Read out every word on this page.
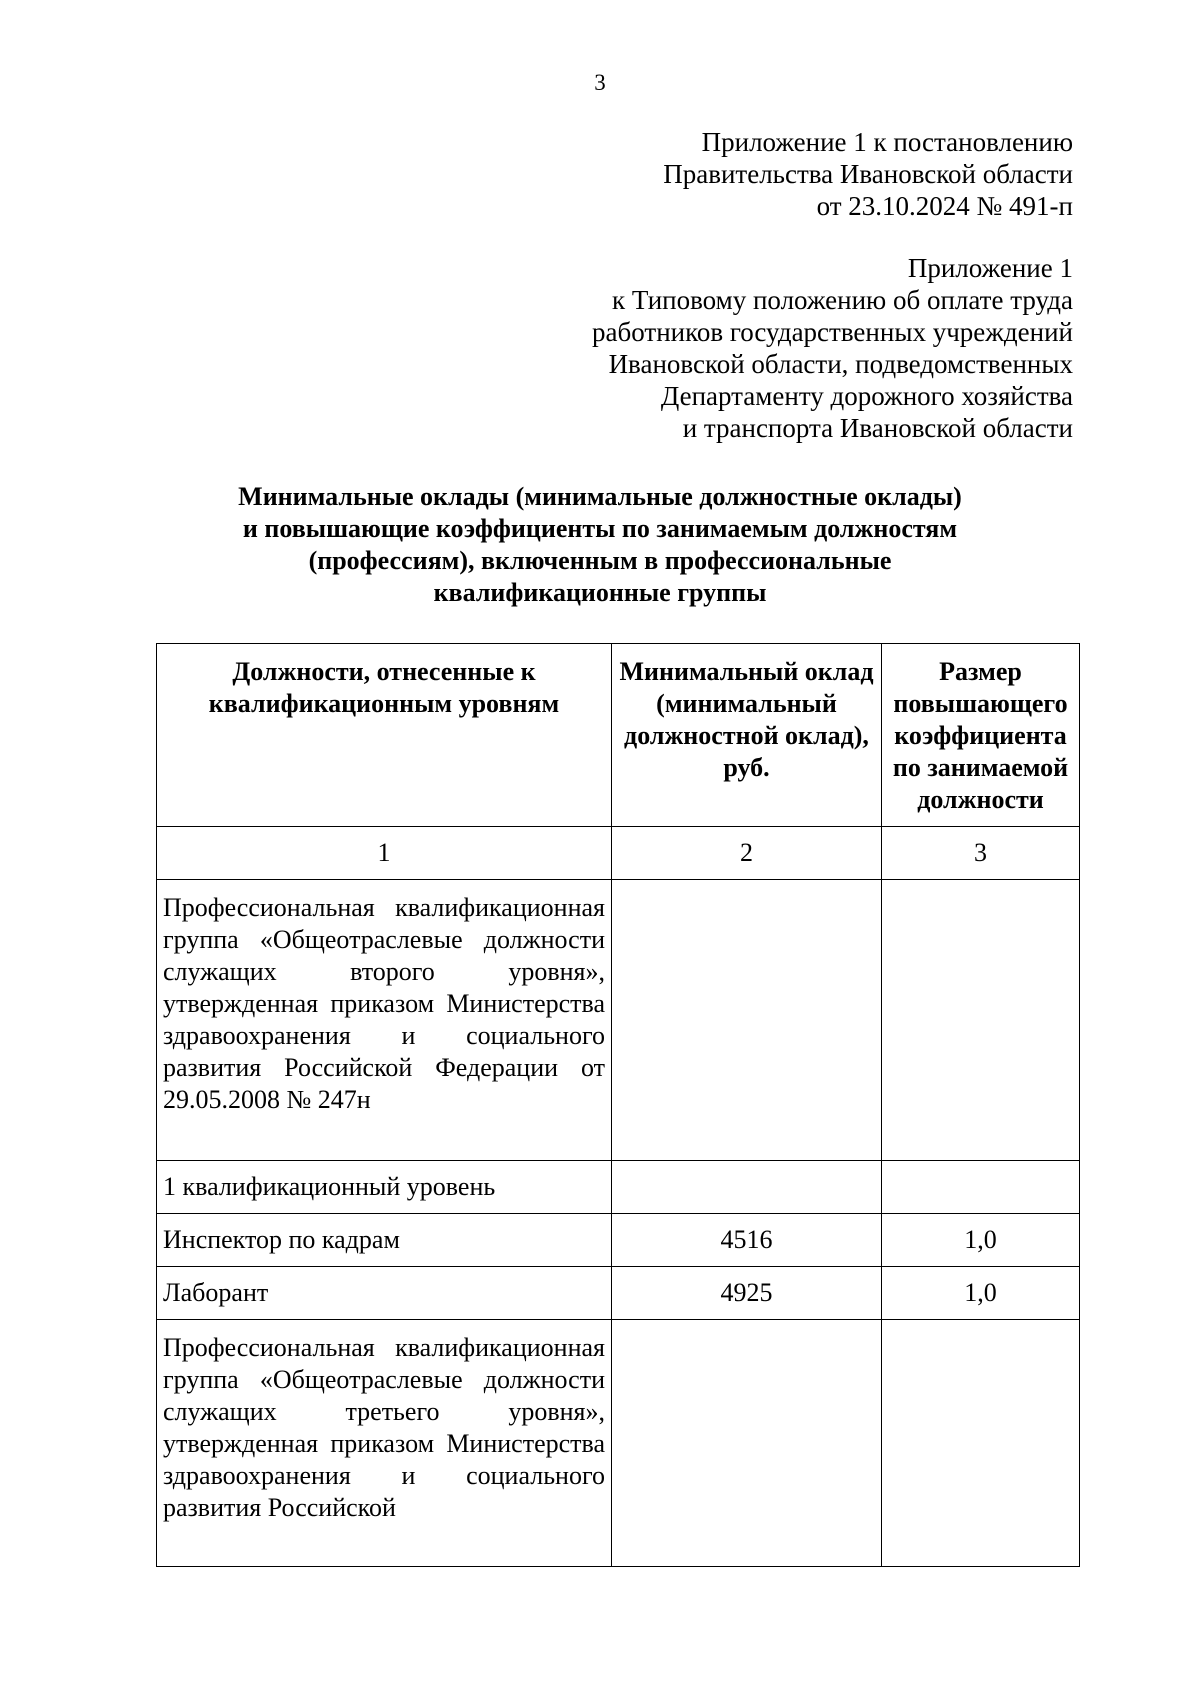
3
Приложение 1 к постановлению
Правительства Ивановской области
от 23.10.2024 № 491-п
Приложение 1
к Типовому положению об оплате труда
работников государственных учреждений
Ивановской области, подведомственных
Департаменту дорожного хозяйства
и транспорта Ивановской области
Минимальные оклады (минимальные должностные оклады)
и повышающие коэффициенты по занимаемым должностям
(профессиям), включенным в профессиональные
квалификационные группы
Должности, отнесенные к квалификационным уровням	Минимальный оклад (минимальный должностной оклад), руб.	Размер повышающего коэффициента по занимаемой должности

1	2	3

Профессиональная квалификационная группа «Общеотраслевые должности служащих второго уровня», утвержденная приказом Министерства здравоохранения и социального развития Российской Федерации от 29.05.2008 № 247н		

1 квалификационный уровень		
Инспектор по кадрам	4516	1,0
Лаборант	4925	1,0

Профессиональная квалификационная группа «Общеотраслевые должности служащих третьего уровня», утвержденная приказом Министерства здравоохранения и социального развития Российской		
